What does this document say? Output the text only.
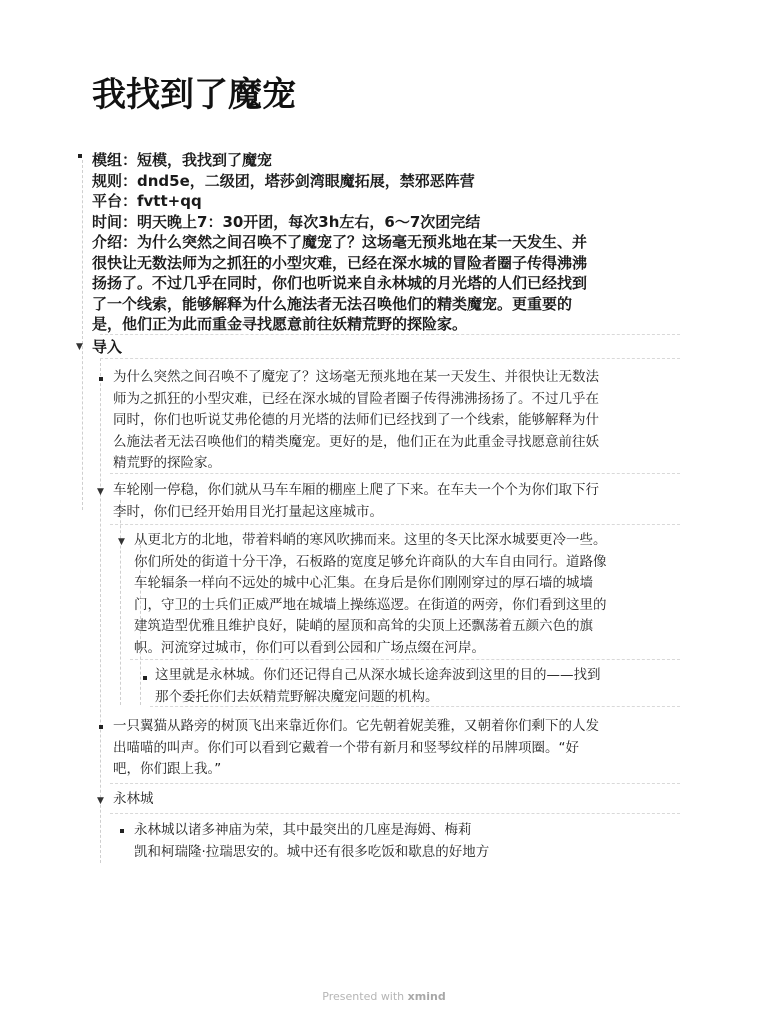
我找到了魔宠
▼
▼
▼
▼
模组：短模，我找到了魔宠
规则：dnd5e，二级团，塔莎剑湾眼魔拓展，禁邪恶阵营
平台：fvtt+qq
时间：明天晚上7：30开团，每次3h左右，6～7次团完结
介绍：为什么突然之间召唤不了魔宠了？这场毫无预兆地在某一天发生、并
很快让无数法师为之抓狂的小型灾难，已经在深水城的冒险者圈子传得沸沸
扬扬了。不过几乎在同时，你们也听说来自永林城的月光塔的人们已经找到
了一个线索，能够解释为什么施法者无法召唤他们的精类魔宠。更重要的
是，他们正为此而重金寻找愿意前往妖精荒野的探险家。
导入
为什么突然之间召唤不了魔宠了？这场毫无预兆地在某一天发生、并很快让无数法
师为之抓狂的小型灾难，已经在深水城的冒险者圈子传得沸沸扬扬了。不过几乎在
同时，你们也听说艾弗伦德的月光塔的法师们已经找到了一个线索，能够解释为什
么施法者无法召唤他们的精类魔宠。更好的是，他们正在为此重金寻找愿意前往妖
精荒野的探险家。
车轮刚一停稳，你们就从马车车厢的棚座上爬了下来。在车夫一个个为你们取下行
李时，你们已经开始用目光打量起这座城市。
从更北方的北地，带着料峭的寒风吹拂而来。这里的冬天比深水城要更冷一些。
你们所处的街道十分干净，石板路的宽度足够允许商队的大车自由同行。道路像
车轮辐条一样向不远处的城中心汇集。在身后是你们刚刚穿过的厚石墙的城墙
门，守卫的士兵们正威严地在城墙上操练巡逻。在街道的两旁，你们看到这里的
建筑造型优雅且维护良好，陡峭的屋顶和高耸的尖顶上还飘荡着五颜六色的旗
帜。河流穿过城市，你们可以看到公园和广场点缀在河岸。
这里就是永林城。你们还记得自己从深水城长途奔波到这里的目的——找到
那个委托你们去妖精荒野解决魔宠问题的机构。
一只翼猫从路旁的树顶飞出来靠近你们。它先朝着妮美雅，又朝着你们剩下的人发
出喵喵的叫声。你们可以看到它戴着一个带有新月和竖琴纹样的吊牌项圈。“好
吧，你们跟上我。”
永林城
永林城以诸多神庙为荣，其中最突出的几座是海姆、梅莉
凯和柯瑞隆·拉瑞思安的。城中还有很多吃饭和歇息的好地方
Presented with xmind
